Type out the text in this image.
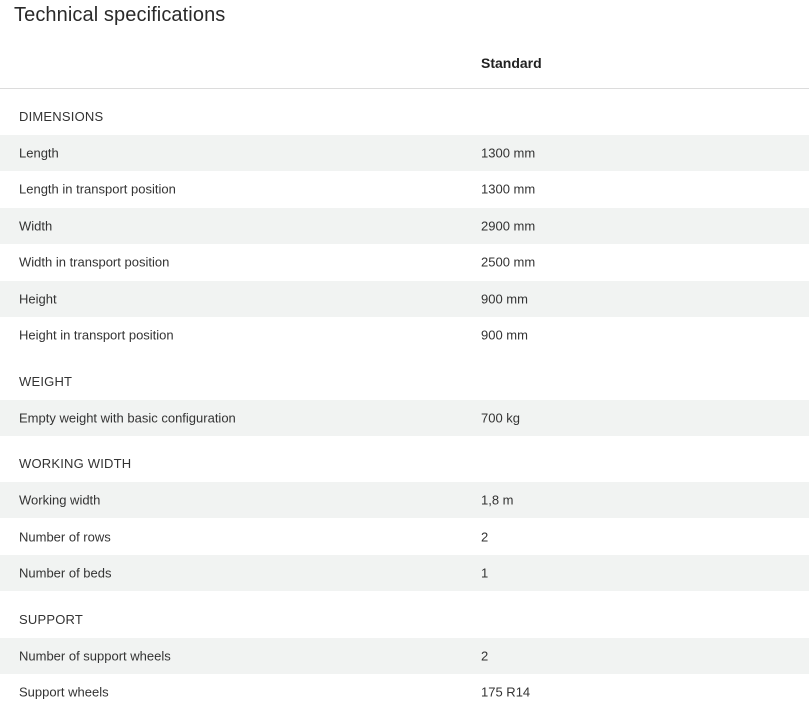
Technical specifications
Standard
DIMENSIONS
Length	1300 mm
Length in transport position	1300 mm
Width	2900 mm
Width in transport position	2500 mm
Height	900 mm
Height in transport position	900 mm
WEIGHT
Empty weight with basic configuration	700 kg
WORKING WIDTH
Working width	1,8 m
Number of rows	2
Number of beds	1
SUPPORT
Number of support wheels	2
Support wheels	175 R14
